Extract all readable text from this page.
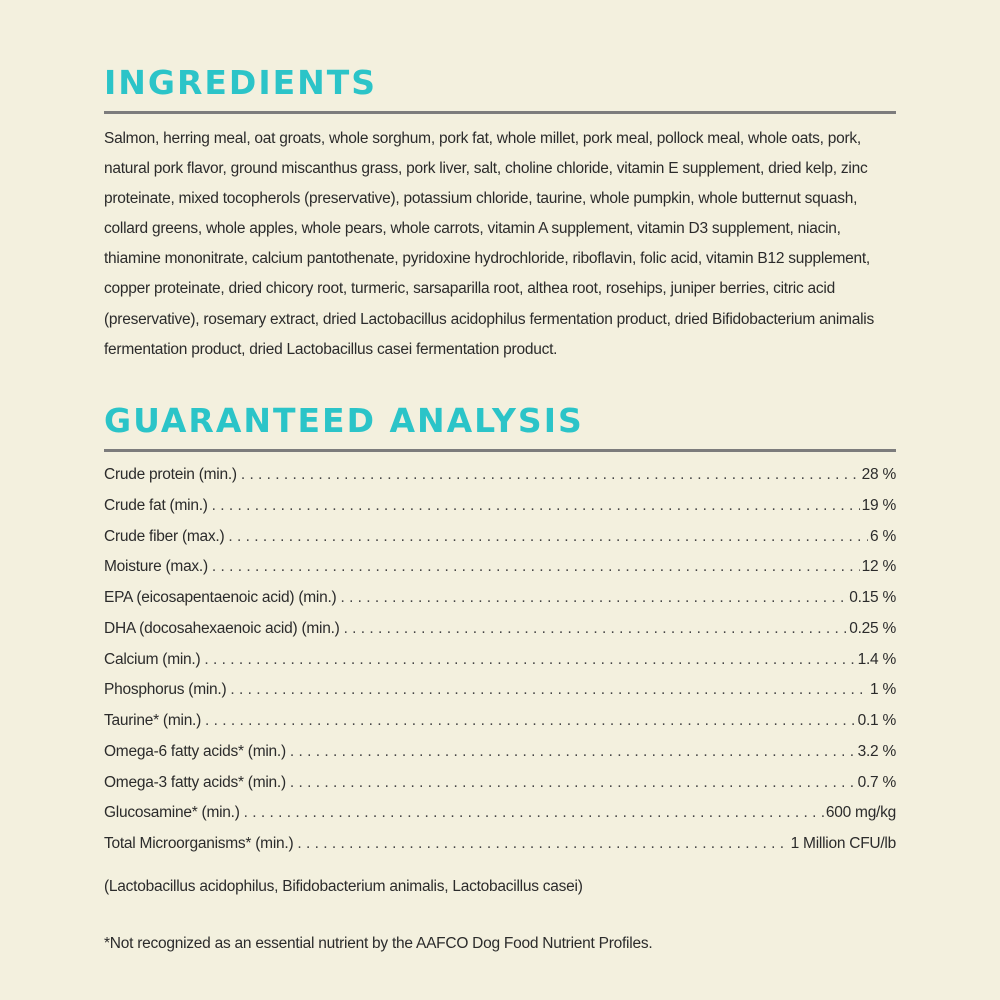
INGREDIENTS

Salmon, herring meal, oat groats, whole sorghum, pork fat, whole millet, pork meal, pollock meal, whole oats, pork, natural pork flavor, ground miscanthus grass, pork liver, salt, choline chloride, vitamin E supplement, dried kelp, zinc proteinate, mixed tocopherols (preservative), potassium chloride, taurine, whole pumpkin, whole butternut squash, collard greens, whole apples, whole pears, whole carrots, vitamin A supplement, vitamin D3 supplement, niacin, thiamine mononitrate, calcium pantothenate, pyridoxine hydrochloride, riboflavin, folic acid, vitamin B12 supplement, copper proteinate, dried chicory root, turmeric, sarsaparilla root, althea root, rosehips, juniper berries, citric acid (preservative), rosemary extract, dried Lactobacillus acidophilus fermentation product, dried Bifidobacterium animalis fermentation product, dried Lactobacillus casei fermentation product.

GUARANTEED ANALYSIS
Crude protein (min.) . . .	28 %
Crude fat (min.) . . .	19 %
Crude fiber (max.) . . .	6 %
Moisture (max.) . . .	12 %
EPA (eicosapentaenoic acid) (min.) . . .	0.15 %
DHA (docosahexaenoic acid) (min.) . . .	0.25 %
Calcium (min.) . . .	1.4 %
Phosphorus (min.) . . .	1 %
Taurine* (min.) . . .	0.1 %
Omega-6 fatty acids* (min.) . . .	3.2 %
Omega-3 fatty acids* (min.) . . .	0.7 %
Glucosamine* (min.) . . .	600 mg/kg
Total Microorganisms* (min.) . . .	1 Million CFU/lb

(Lactobacillus acidophilus, Bifidobacterium animalis, Lactobacillus casei)

*Not recognized as an essential nutrient by the AAFCO Dog Food Nutrient Profiles.
